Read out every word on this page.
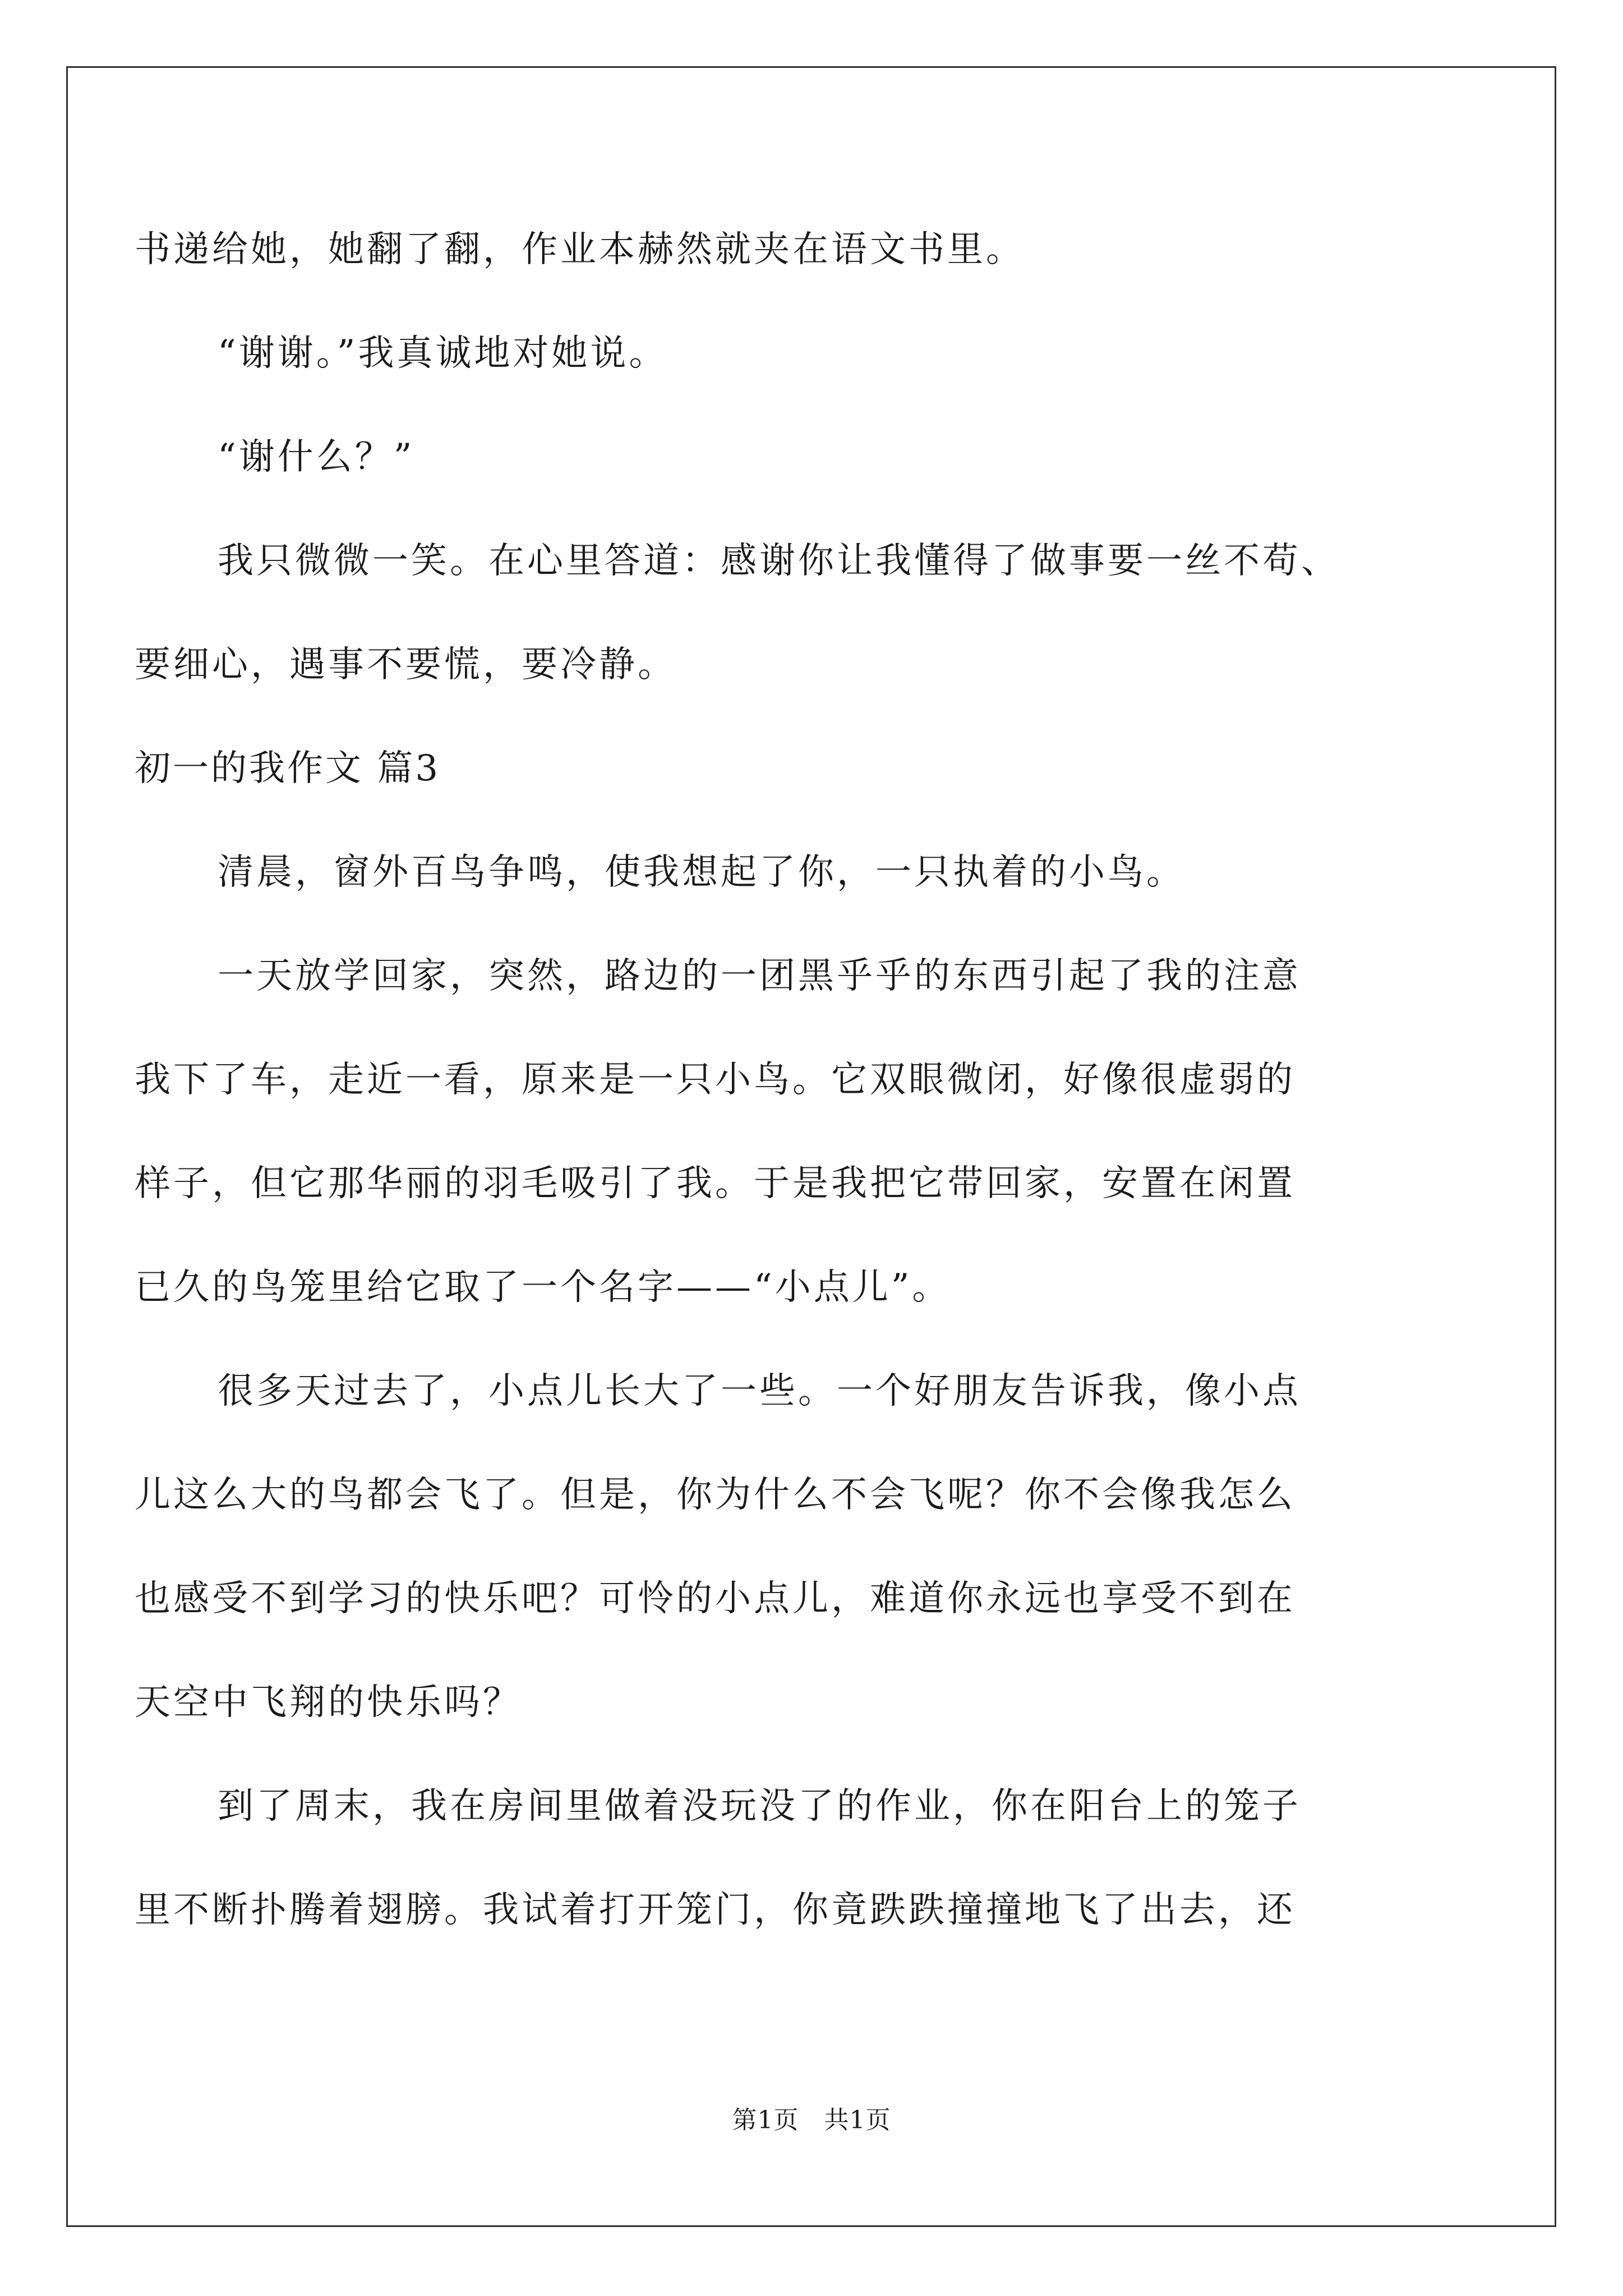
书递给她，她翻了翻，作业本赫然就夹在语文书里。
“谢谢。”我真诚地对她说。
“谢什么？”
我只微微一笑。在心里答道：感谢你让我懂得了做事要一丝不苟、
要细心，遇事不要慌，要冷静。
初一的我作文 篇3
清晨，窗外百鸟争鸣，使我想起了你，一只执着的小鸟。
一天放学回家，突然，路边的一团黑乎乎的东西引起了我的注意
我下了车，走近一看，原来是一只小鸟。它双眼微闭，好像很虚弱的
样子，但它那华丽的羽毛吸引了我。于是我把它带回家，安置在闲置
已久的鸟笼里给它取了一个名字——“小点儿”。
很多天过去了，小点儿长大了一些。一个好朋友告诉我，像小点
儿这么大的鸟都会飞了。但是，你为什么不会飞呢？你不会像我怎么
也感受不到学习的快乐吧？可怜的小点儿，难道你永远也享受不到在
天空中飞翔的快乐吗？
到了周末，我在房间里做着没玩没了的作业，你在阳台上的笼子
里不断扑腾着翅膀。我试着打开笼门，你竟跌跌撞撞地飞了出去，还
第1页　共1页
